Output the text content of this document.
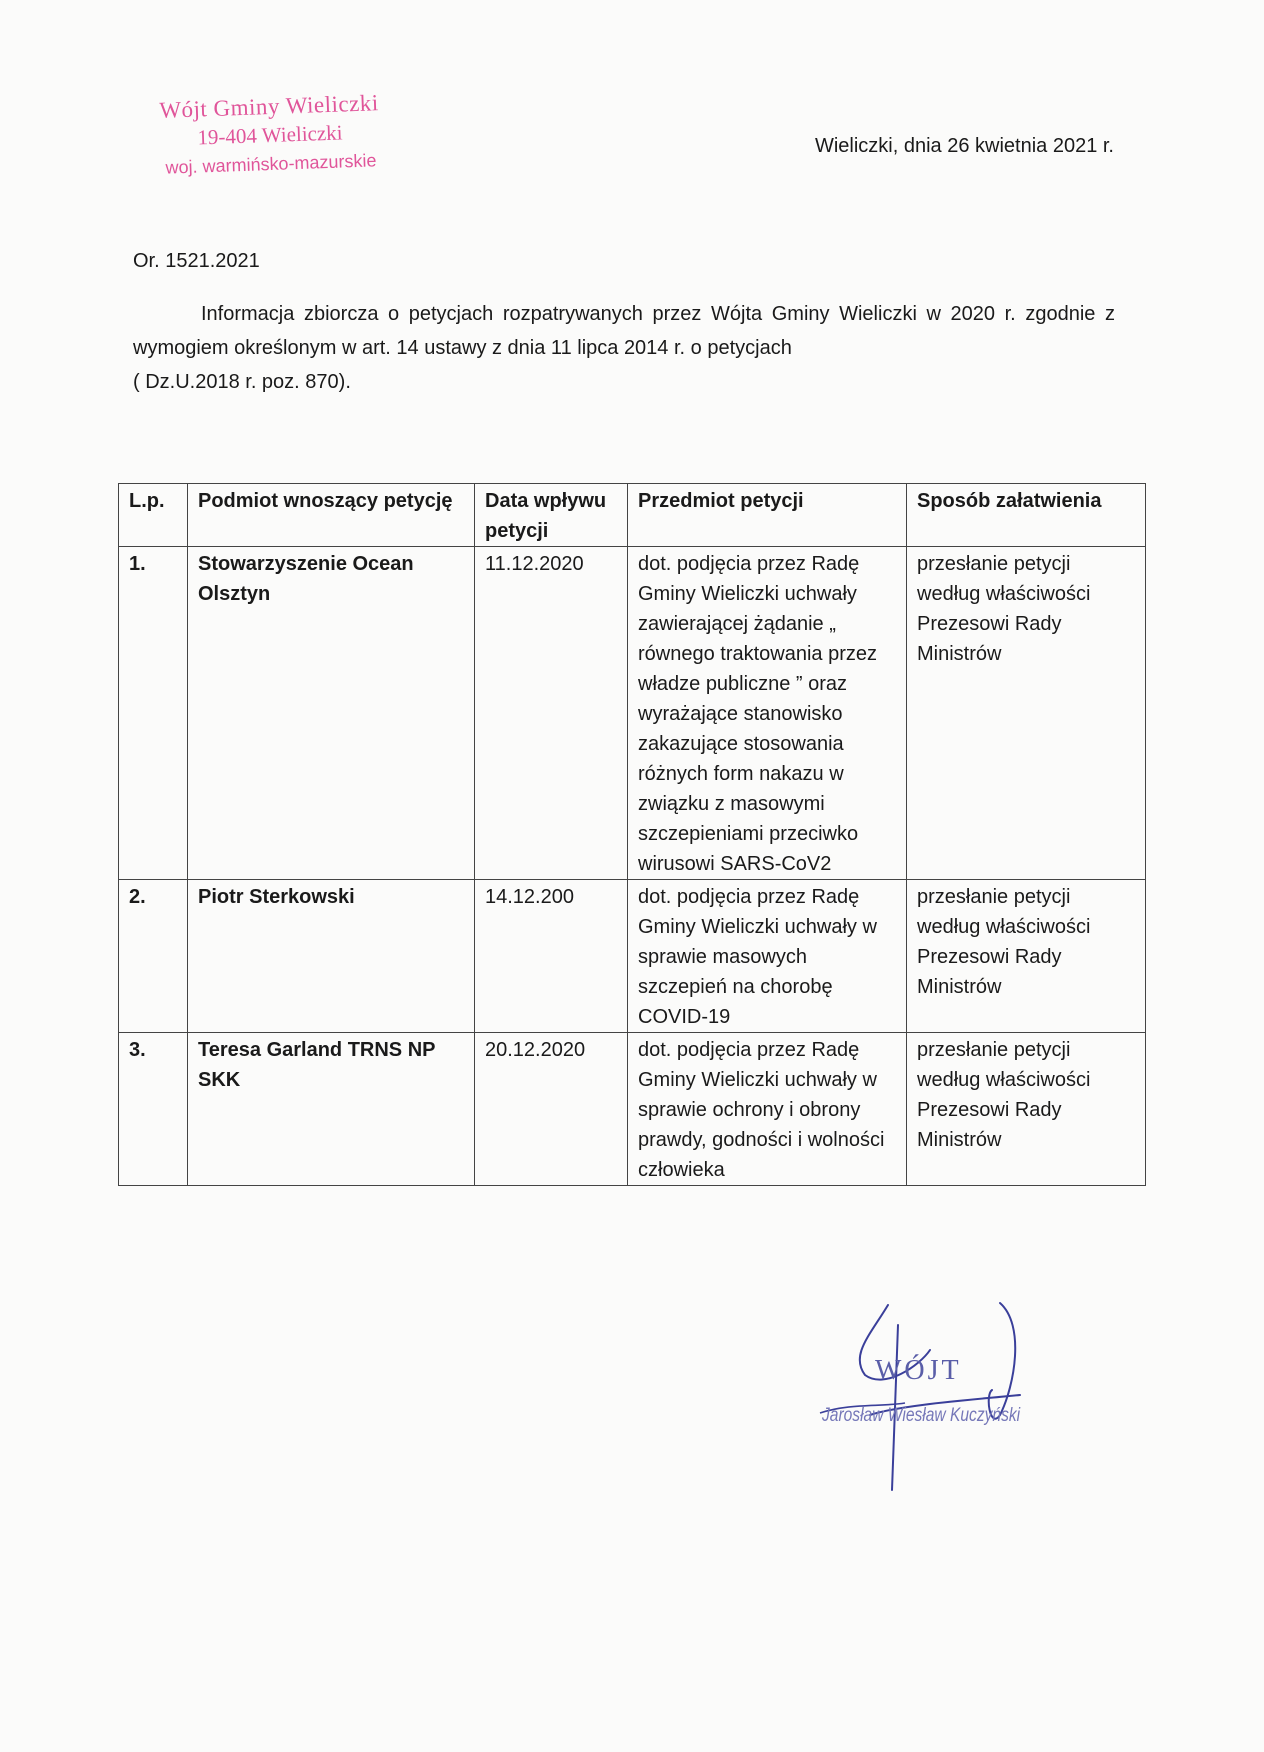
Wójt Gminy Wieliczki
19-404 Wieliczki
woj. warmińsko-mazurskie
Wieliczki, dnia 26 kwietnia 2021 r.
Or. 1521.2021
Informacja zbiorcza o petycjach rozpatrywanych przez Wójta Gminy Wieliczki w 2020 r. zgodnie z wymogiem określonym w art. 14 ustawy z dnia 11 lipca 2014 r. o petycjach
( Dz.U.2018 r. poz. 870).
L.p.	Podmiot wnoszący petycję	Data wpływu petycji	Przedmiot petycji	Sposób załatwienia
1.	Stowarzyszenie Ocean Olsztyn	11.12.2020	dot. podjęcia przez Radę Gminy Wieliczki uchwały zawierającej żądanie „ równego traktowania przez władze publiczne ” oraz wyrażające stanowisko zakazujące stosowania różnych form nakazu w związku z masowymi szczepieniami przeciwko wirusowi SARS-CoV2	przesłanie petycji według właściwości Prezesowi Rady Ministrów
2.	Piotr Sterkowski	14.12.200	dot. podjęcia przez Radę Gminy Wieliczki uchwały w sprawie masowych szczepień na chorobę COVID-19	przesłanie petycji według właściwości Prezesowi Rady Ministrów
3.	Teresa Garland TRNS NP SKK	20.12.2020	dot. podjęcia przez Radę Gminy Wieliczki uchwały w sprawie ochrony i obrony prawdy, godności i wolności człowieka	przesłanie petycji według właściwości Prezesowi Rady Ministrów
WÓJT
Jarosław Wiesław Kuczyński
